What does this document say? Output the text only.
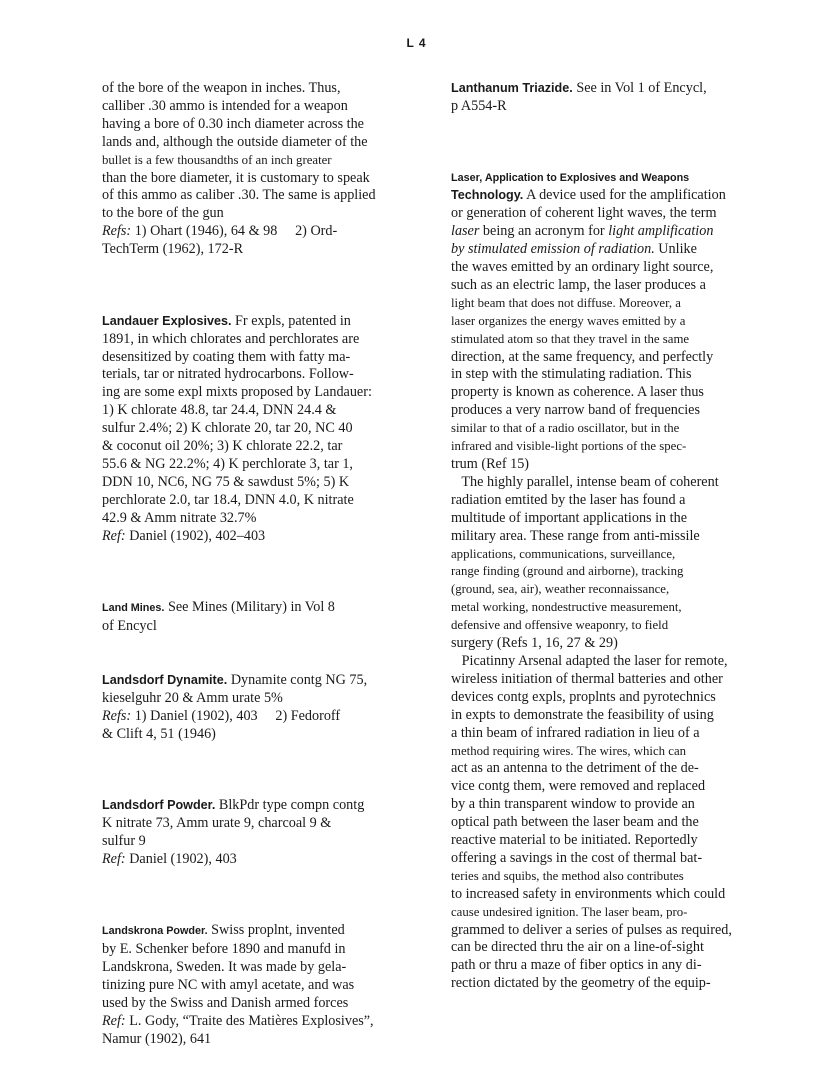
L 4
of the bore of the weapon in inches. Thus,
calliber .30 ammo is intended for a weapon
having a bore of 0.30 inch diameter across the
lands and, although the outside diameter of the
bullet is a few thousandths of an inch greater
than the bore diameter, it is customary to speak
of this ammo as caliber .30. The same is applied
to the bore of the gun
Refs: 1) Ohart (1946), 64 & 98     2) Ord-
TechTerm (1962), 172-R
Landauer Explosives. Fr expls, patented in
1891, in which chlorates and perchlorates are
desensitized by coating them with fatty ma-
terials, tar or nitrated hydrocarbons. Follow-
ing are some expl mixts proposed by Landauer:
1) K chlorate 48.8, tar 24.4, DNN 24.4 &
sulfur 2.4%; 2) K chlorate 20, tar 20, NC 40
& coconut oil 20%; 3) K chlorate 22.2, tar
55.6 & NG 22.2%; 4) K perchlorate 3, tar 1,
DDN 10, NC6, NG 75 & sawdust 5%; 5) K
perchlorate 2.0, tar 18.4, DNN 4.0, K nitrate
42.9 & Amm nitrate 32.7%
Ref: Daniel (1902), 402–403
Land Mines. See Mines (Military) in Vol 8
of Encycl
Landsdorf Dynamite. Dynamite contg NG 75,
kieselguhr 20 & Amm urate 5%
Refs: 1) Daniel (1902), 403     2) Fedoroff
& Clift 4, 51 (1946)
Landsdorf Powder. BlkPdr type compn contg
K nitrate 73, Amm urate 9, charcoal 9 &
sulfur 9
Ref: Daniel (1902), 403
Landskrona Powder. Swiss proplnt, invented
by E. Schenker before 1890 and manufd in
Landskrona, Sweden. It was made by gela-
tinizing pure NC with amyl acetate, and was
used by the Swiss and Danish armed forces
Ref: L. Gody, “Traite des Matières Explosives”,
Namur (1902), 641
Lanthanum Triazide. See in Vol 1 of Encycl,
p A554-R
Laser, Application to Explosives and Weapons
Technology. A device used for the amplification
or generation of coherent light waves, the term
laser being an acronym for light amplification
by stimulated emission of radiation. Unlike
the waves emitted by an ordinary light source,
such as an electric lamp, the laser produces a
light beam that does not diffuse. Moreover, a
laser organizes the energy waves emitted by a
stimulated atom so that they travel in the same
direction, at the same frequency, and perfectly
in step with the stimulating radiation. This
property is known as coherence. A laser thus
produces a very narrow band of frequencies
similar to that of a radio oscillator, but in the
infrared and visible-light portions of the spec-
trum (Ref 15)
The highly parallel, intense beam of coherent
radiation emtited by the laser has found a
multitude of important applications in the
military area. These range from anti-missile
applications, communications, surveillance,
range finding (ground and airborne), tracking
(ground, sea, air), weather reconnaissance,
metal working, nondestructive measurement,
defensive and offensive weaponry, to field
surgery (Refs 1, 16, 27 & 29)
Picatinny Arsenal adapted the laser for remote,
wireless initiation of thermal batteries and other
devices contg expls, proplnts and pyrotechnics
in expts to demonstrate the feasibility of using
a thin beam of infrared radiation in lieu of a
method requiring wires. The wires, which can
act as an antenna to the detriment of the de-
vice contg them, were removed and replaced
by a thin transparent window to provide an
optical path between the laser beam and the
reactive material to be initiated. Reportedly
offering a savings in the cost of thermal bat-
teries and squibs, the method also contributes
to increased safety in environments which could
cause undesired ignition. The laser beam, pro-
grammed to deliver a series of pulses as required,
can be directed thru the air on a line-of-sight
path or thru a maze of fiber optics in any di-
rection dictated by the geometry of the equip-
